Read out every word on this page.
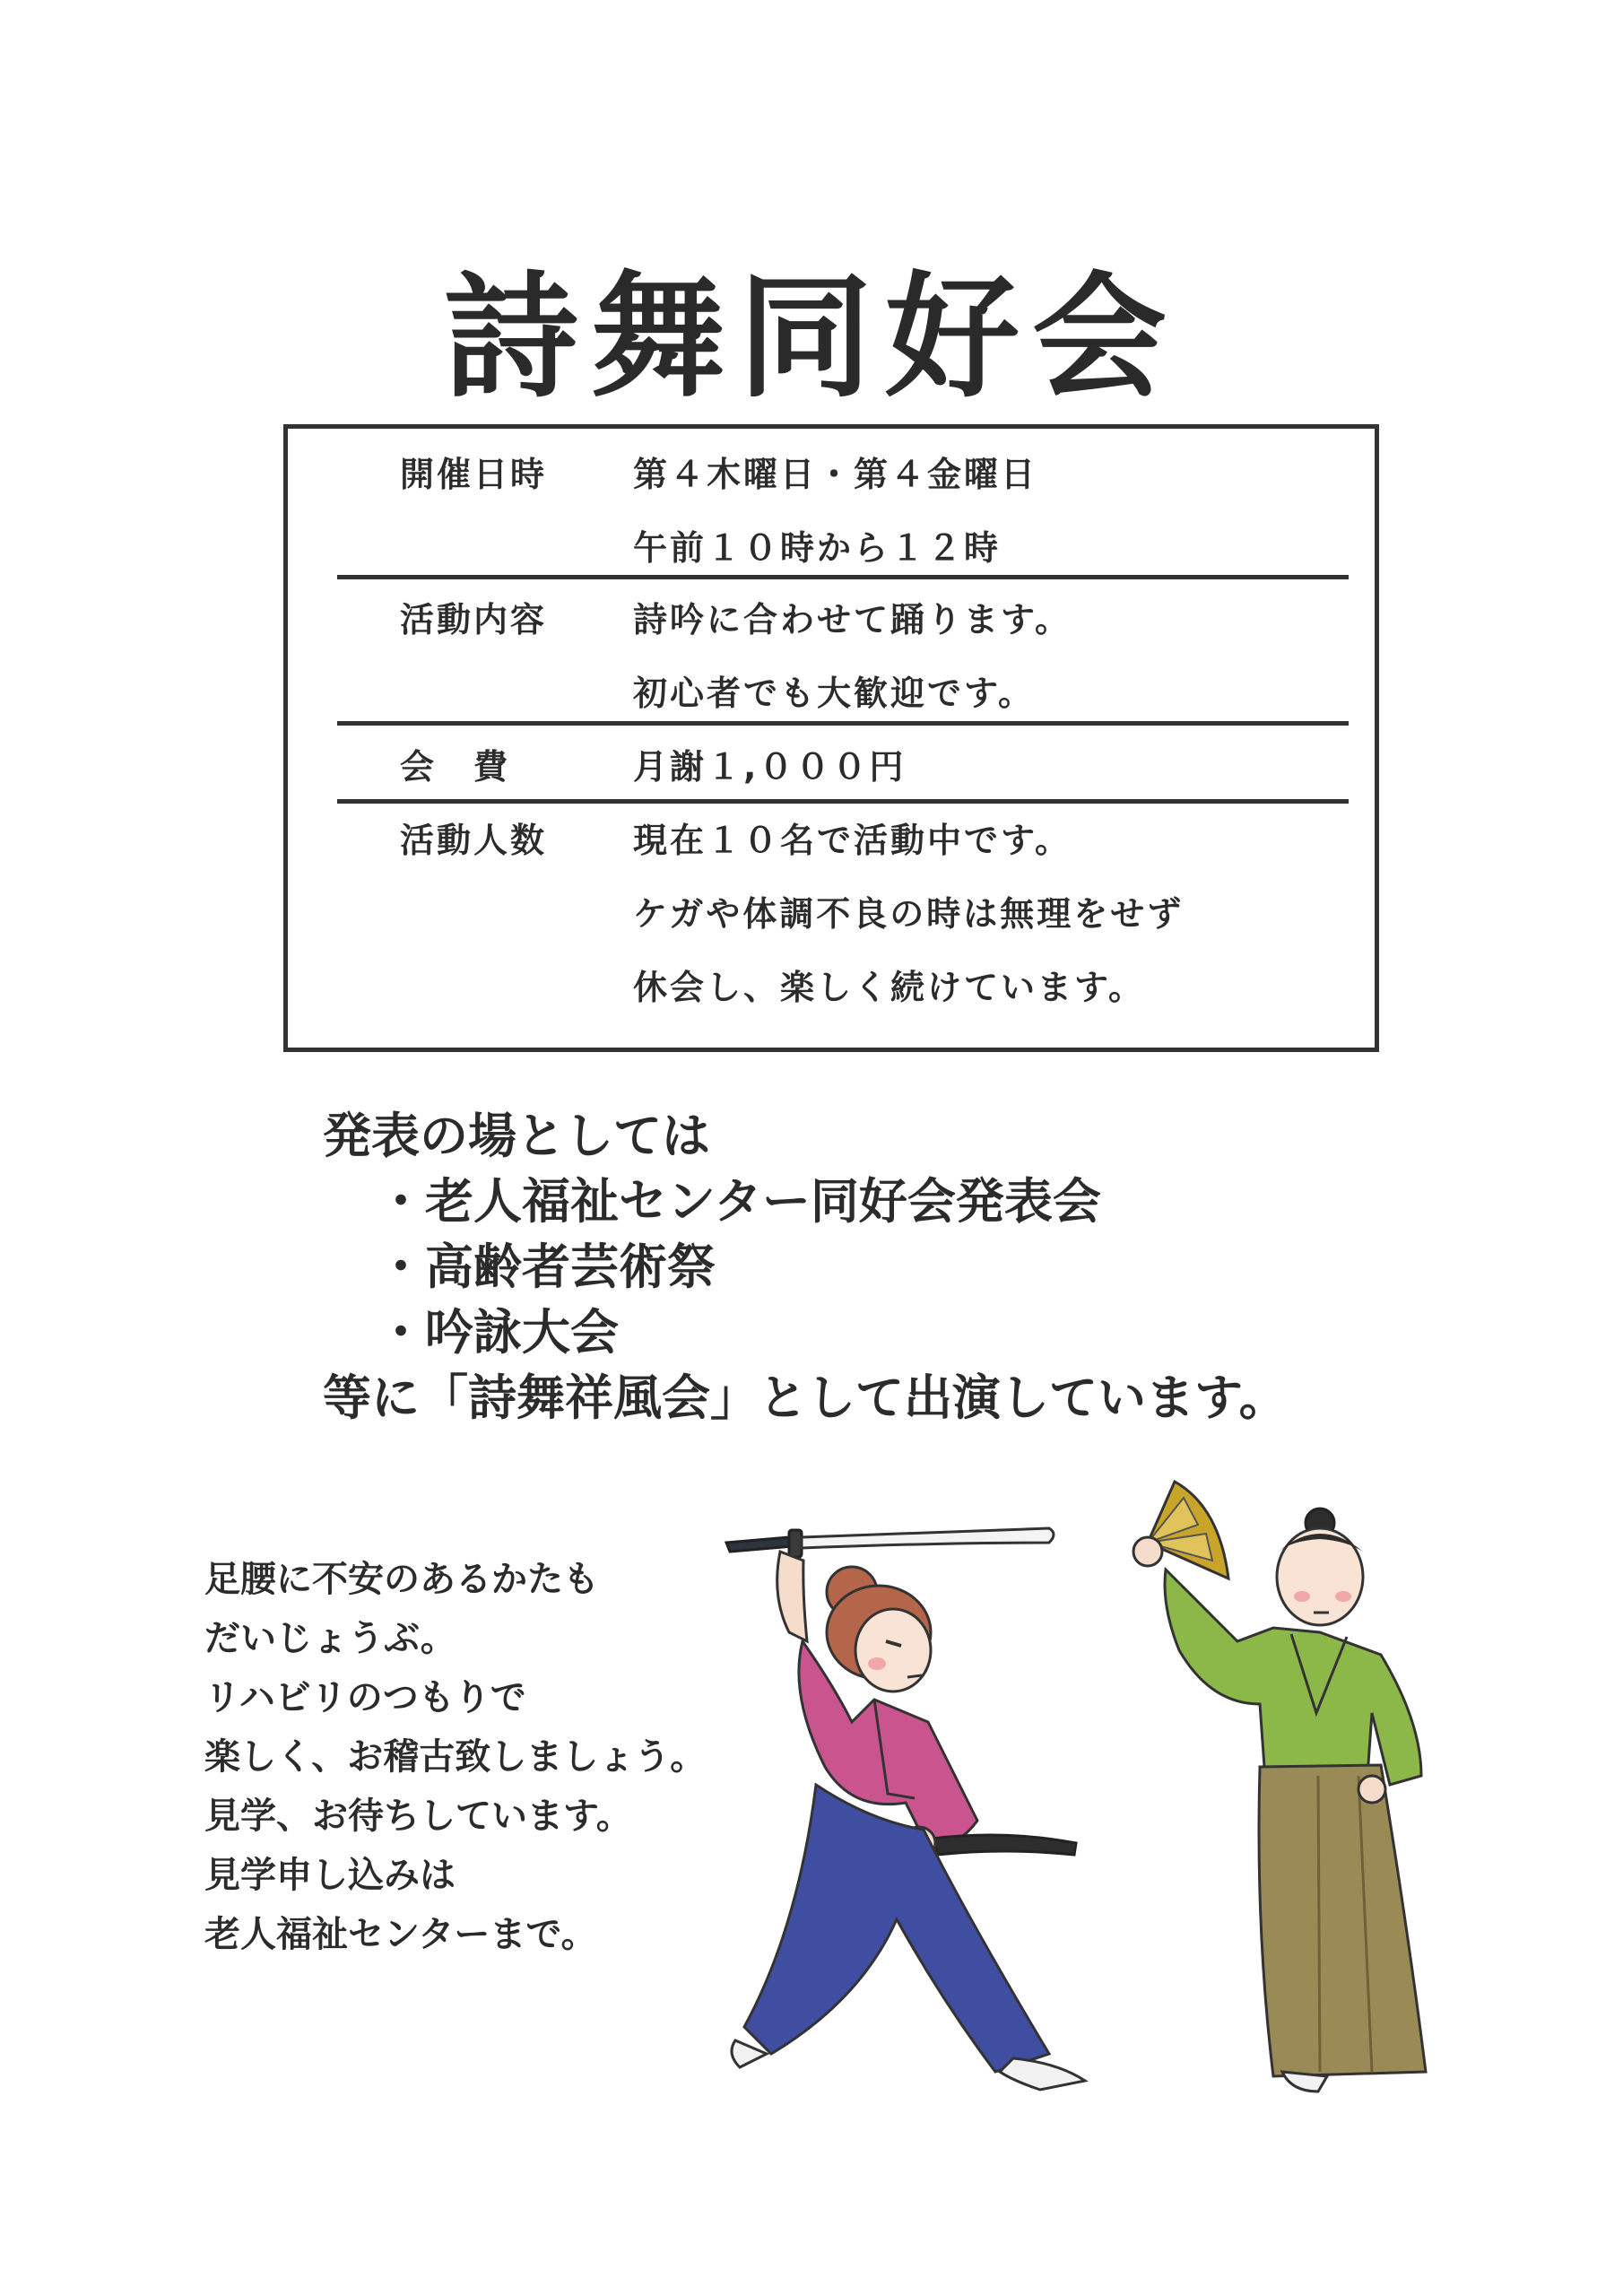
詩舞同好会
開催日時	第４木曜日・第４金曜日
午前１０時から１２時
活動内容	詩吟に合わせて踊ります。
初心者でも大歓迎です。
会　費	月謝１,０００円
活動人数	現在１０名で活動中です。
ケガや体調不良の時は無理をせず
休会し、楽しく続けています。
発表の場としては
・老人福祉センター同好会発表会
・高齢者芸術祭
・吟詠大会
等に「詩舞祥風会」として出演しています。
足腰に不安のあるかたも
だいじょうぶ。
リハビリのつもりで
楽しく、お稽古致しましょう。
見学、お待ちしています。
見学申し込みは
老人福祉センターまで。
